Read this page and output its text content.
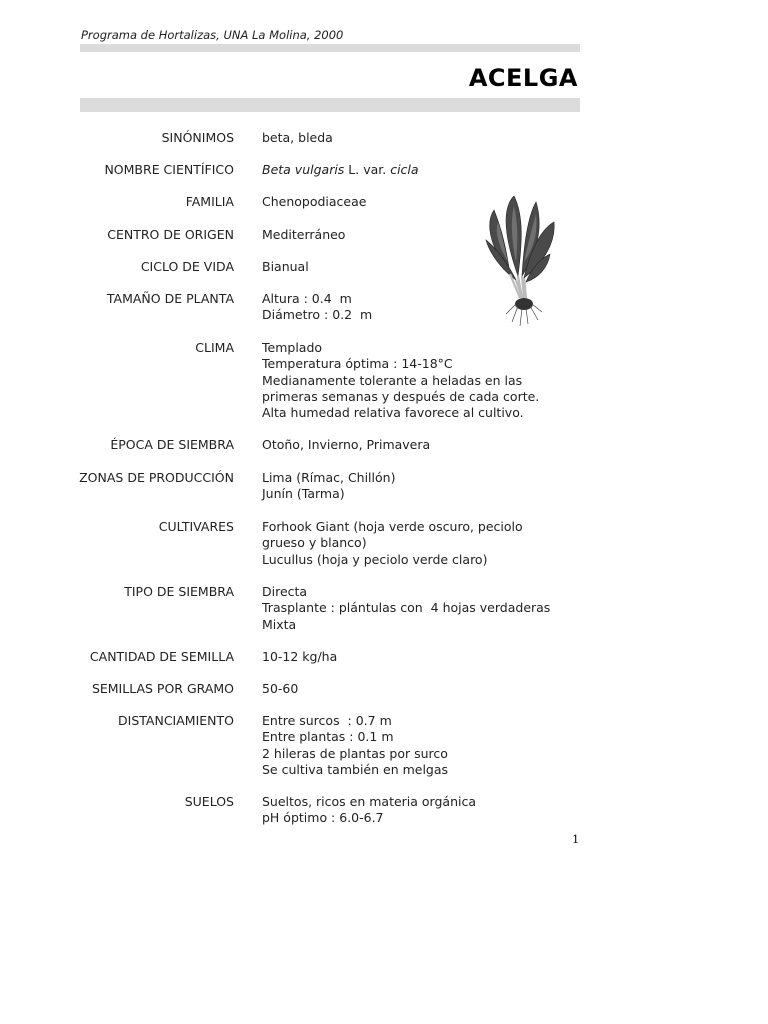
Programa de Hortalizas, UNA La Molina, 2000
ACELGA
SINÓNIMOS beta, bleda
NOMBRE CIENTÍFICO Beta vulgaris L. var. cicla
FAMILIA Chenopodiaceae
CENTRO DE ORIGEN Mediterráneo
CICLO DE VIDA Bianual
TAMAÑO DE PLANTA Altura : 0.4  m
Diámetro : 0.2  m
CLIMA Templado
Temperatura óptima : 14-18°C
Medianamente tolerante a heladas en las primeras semanas y después de cada corte.
Alta humedad relativa favorece al cultivo.
ÉPOCA DE SIEMBRA Otoño, Invierno, Primavera
ZONAS DE PRODUCCIÓN Lima (Rímac, Chillón)
Junín (Tarma)
CULTIVARES Forhook Giant (hoja verde oscuro, peciolo grueso y blanco)
Lucullus (hoja y peciolo verde claro)
TIPO DE SIEMBRA Directa
Trasplante : plántulas con  4 hojas verdaderas
Mixta
CANTIDAD DE SEMILLA 10-12 kg/ha
SEMILLAS POR GRAMO 50-60
DISTANCIAMIENTO Entre surcos  : 0.7 m
Entre plantas : 0.1 m
2 hileras de plantas por surco
Se cultiva también en melgas
SUELOS Sueltos, ricos en materia orgánica
pH óptimo : 6.0-6.7
1
